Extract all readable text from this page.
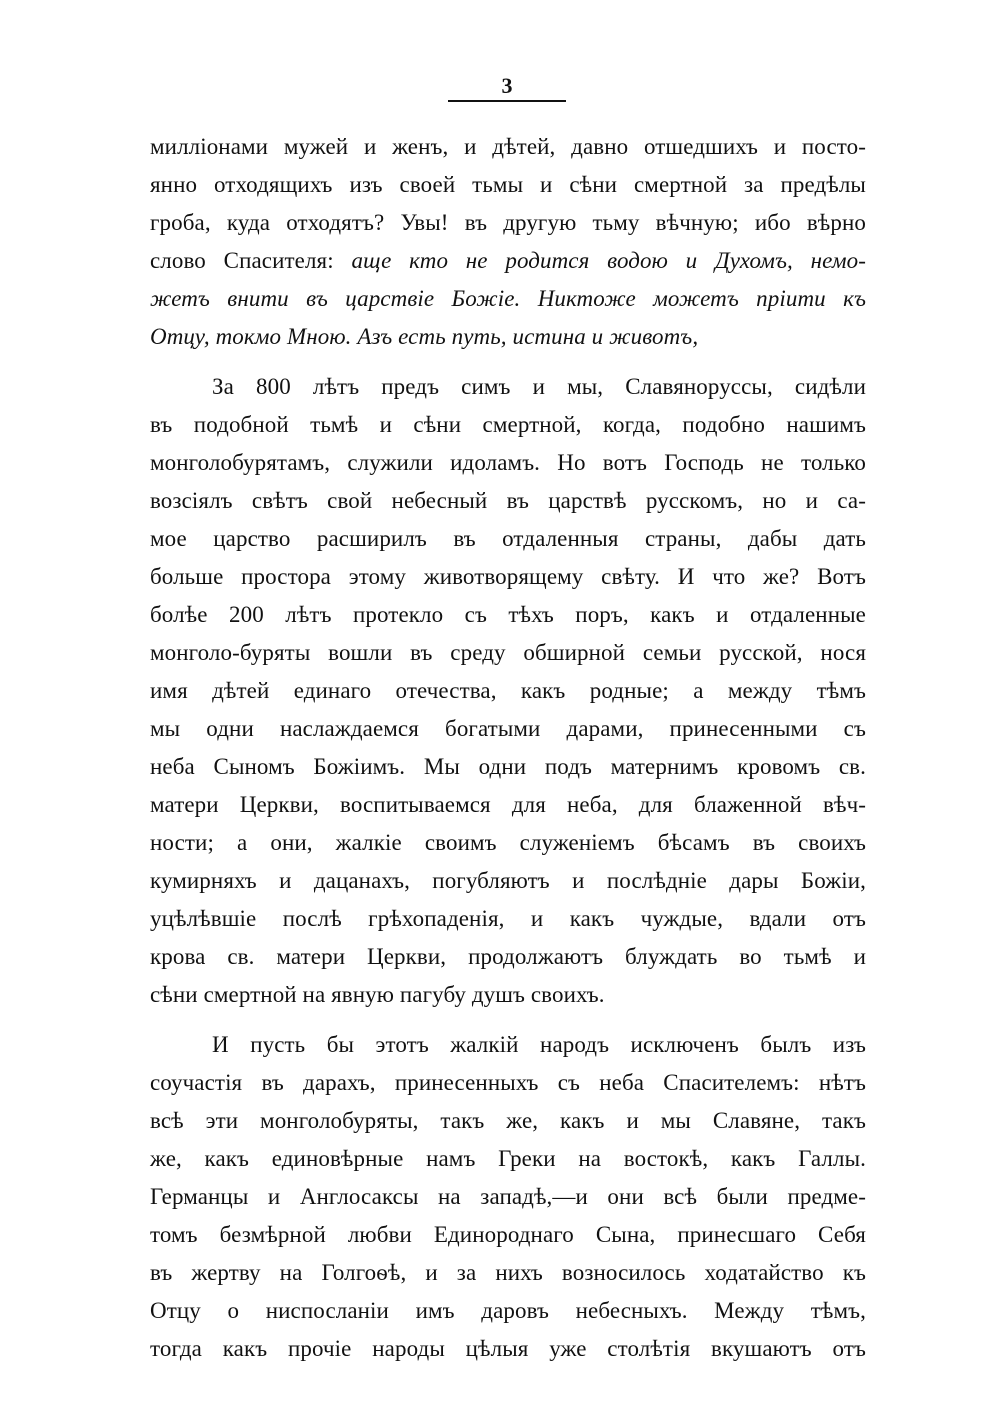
3
милліонами мужей и женъ, и дѣтей, давно отшедшихъ и посто-
янно отходящихъ изъ своей тьмы и сѣни смертной за предѣлы
гроба, куда отходятъ? Увы! въ другую тьму вѣчную; ибо вѣрно
слово Спасителя: аще кто не родится водою и Духомъ, немо-
жетъ внити въ царствіе Божіе. Никтоже можетъ пріити къ
Отцу, токмо Мною. Азъ есть путь, истина и животъ,
За 800 лѣтъ предъ симъ и мы, Славянорусcы, сидѣли
въ подобной тьмѣ и сѣни смертной, когда, подобно нашимъ
монголобурятамъ, служили идоламъ. Но вотъ Господь не только
возсіялъ свѣтъ свой небесный въ царствѣ русскомъ, но и са-
мое царство расширилъ въ отдаленныя страны, дабы дать
больше простора этому животворящему свѣту. И что же? Вотъ
болѣе 200 лѣтъ протекло съ тѣхъ поръ, какъ и отдаленные
монголо-буряты вошли въ среду обширной семьи русской, нося
имя дѣтей единаго отечества, какъ родные; а между тѣмъ
мы одни наслаждаемся богатыми дарами, принесенными съ
неба Сыномъ Божіимъ. Мы одни подъ матернимъ кровомъ св.
матери Церкви, воспитываемся для неба, для блаженной вѣч-
ности; а они, жалкіе своимъ служеніемъ бѣсамъ въ своихъ
кумирняхъ и дацанахъ, погубляютъ и послѣдніе дары Божіи,
уцѣлѣвшіе послѣ грѣхопаденія, и какъ чуждые, вдали отъ
крова св. матери Церкви, продолжаютъ блуждать во тьмѣ и
сѣни смертной на явную пагубу душъ своихъ.
И пусть бы этотъ жалкій народъ исключенъ былъ изъ
соучастія въ дарахъ, принесенныхъ съ неба Спасителемъ: нѣтъ
всѣ эти монголобуряты, такъ же, какъ и мы Славяне, такъ
же, какъ единовѣрные намъ Греки на востокѣ, какъ Галлы.
Германцы и Англосаксы на западѣ,—и они всѣ были предме-
томъ безмѣрной любви Единороднаго Сына, принесшаго Себя
въ жертву на Голгоѳѣ, и за нихъ возносилось ходатайство къ
Отцу о ниспосланіи имъ даровъ небесныхъ. Между тѣмъ,
тогда какъ прочіе народы цѣлыя уже столѣтія вкушаютъ отъ
